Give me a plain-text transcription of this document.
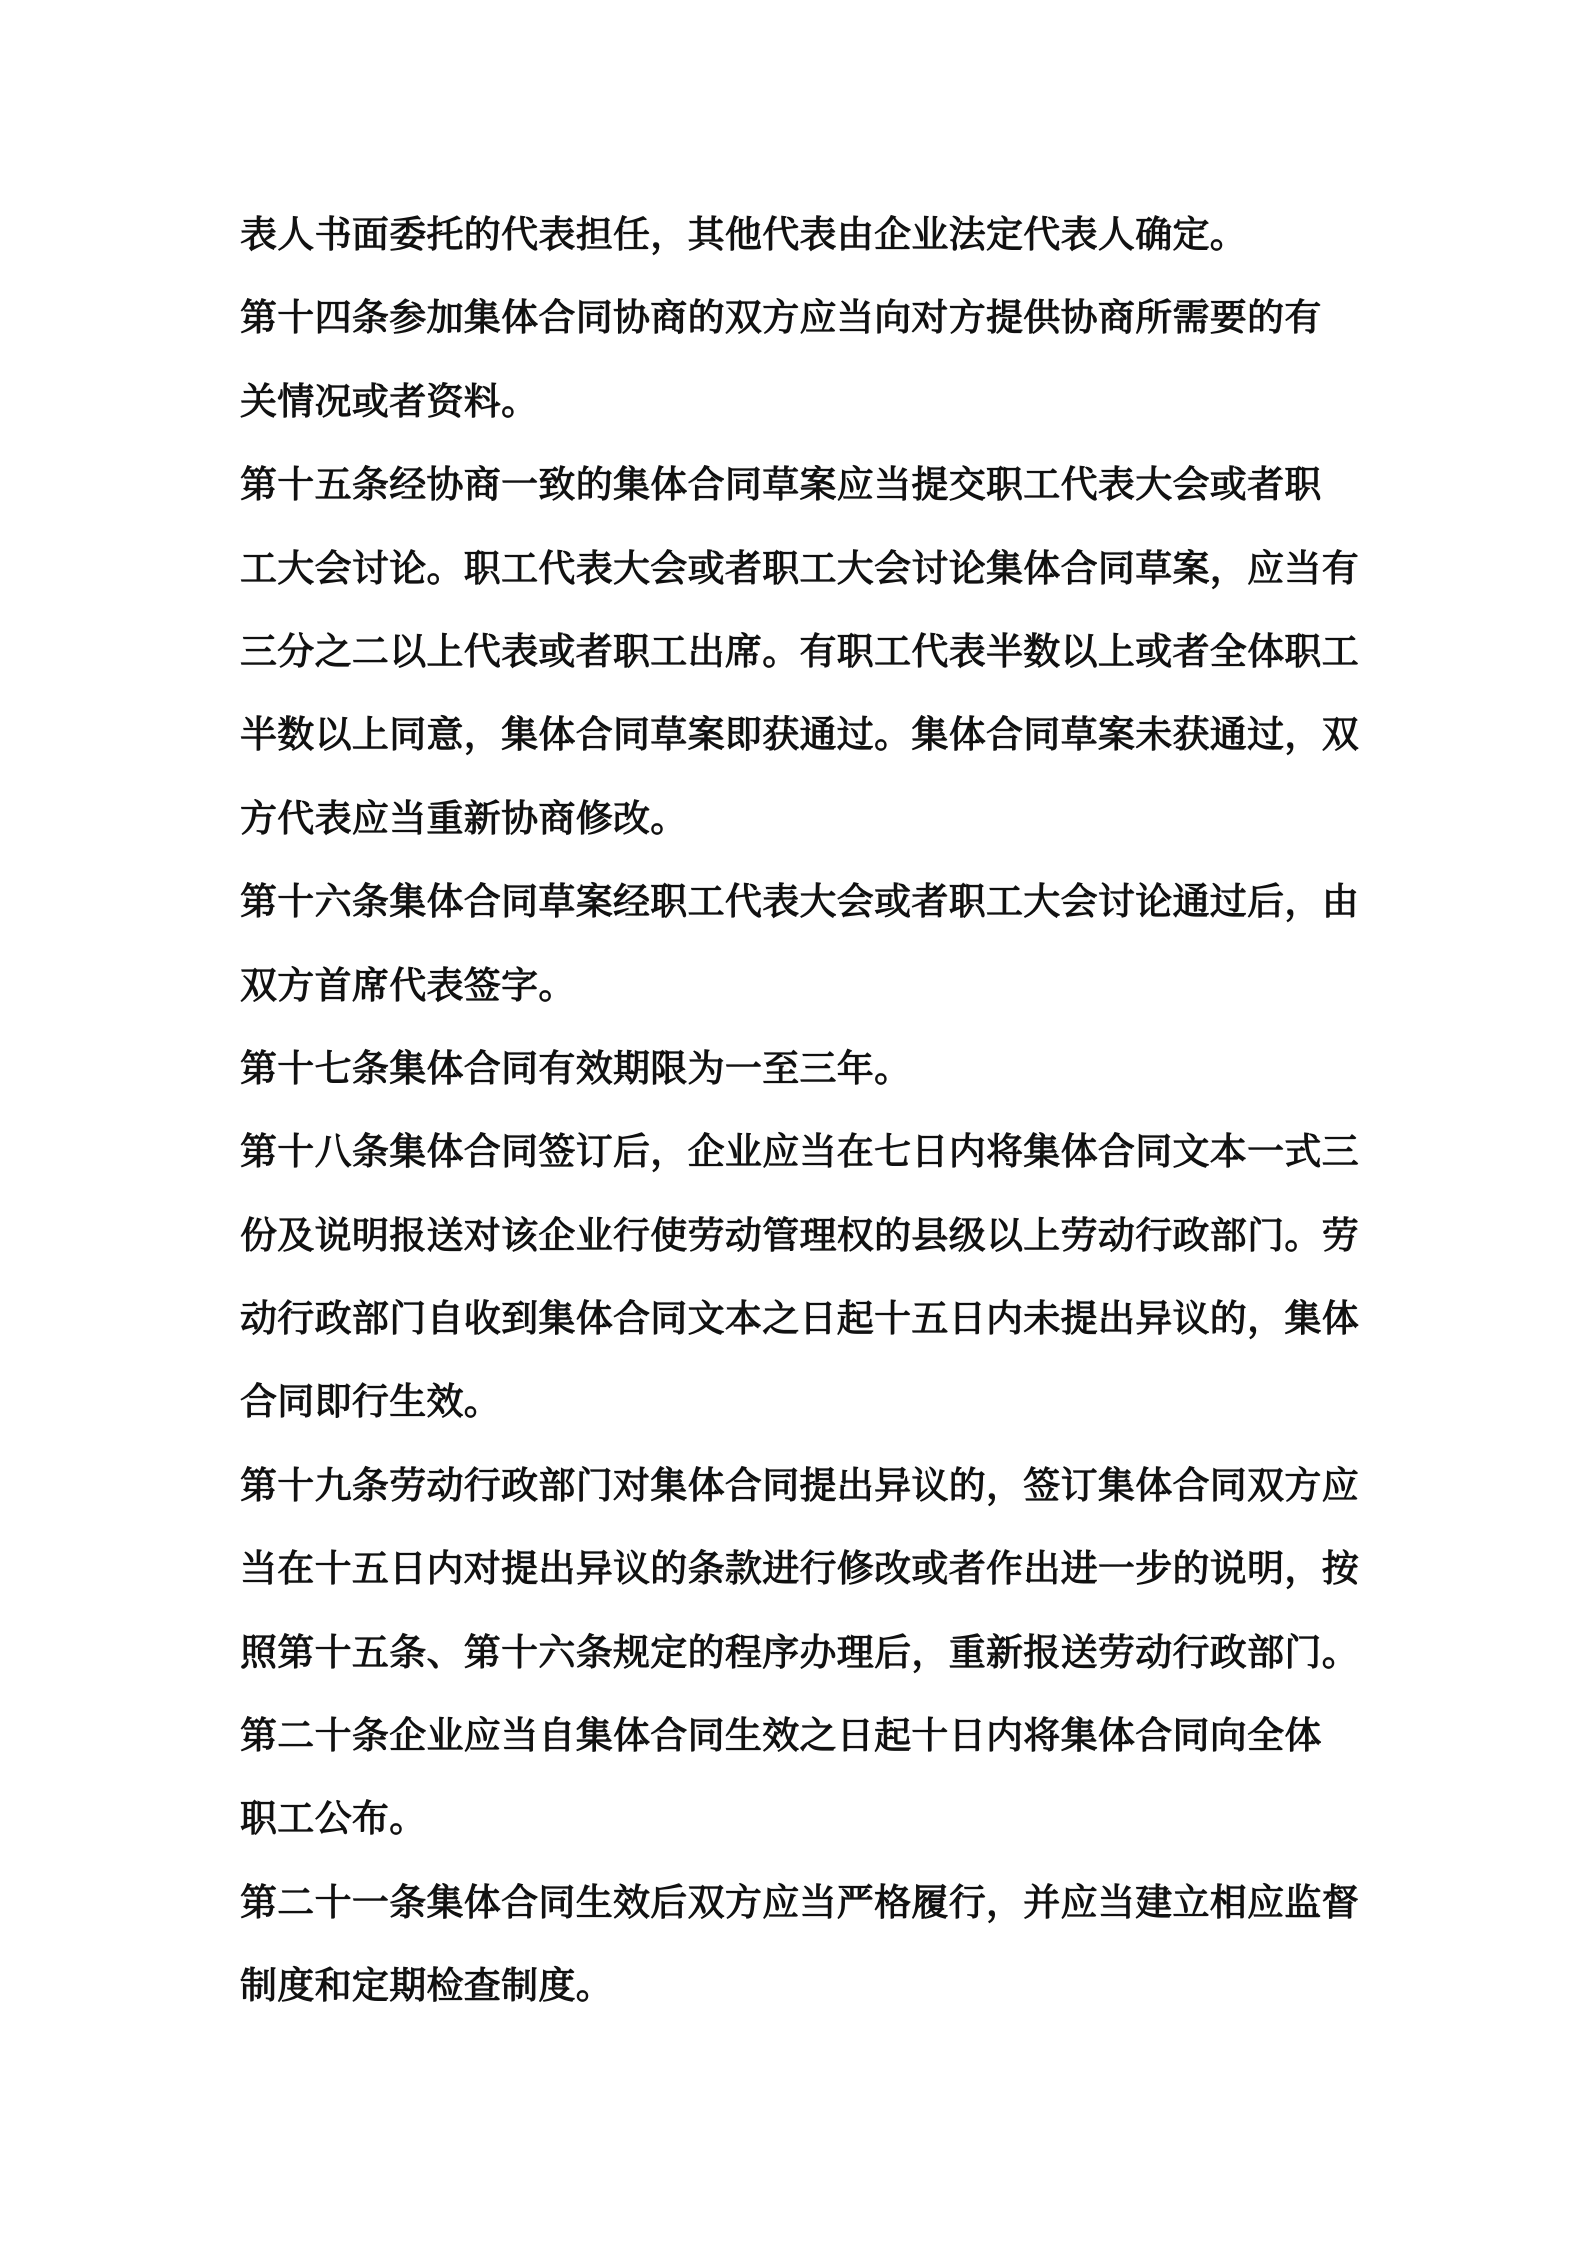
表人书面委托的代表担任，其他代表由企业法定代表人确定。
第十四条参加集体合同协商的双方应当向对方提供协商所需要的有
关情况或者资料。
第十五条经协商一致的集体合同草案应当提交职工代表大会或者职
工大会讨论。职工代表大会或者职工大会讨论集体合同草案，应当有
三分之二以上代表或者职工出席。有职工代表半数以上或者全体职工
半数以上同意，集体合同草案即获通过。集体合同草案未获通过，双
方代表应当重新协商修改。
第十六条集体合同草案经职工代表大会或者职工大会讨论通过后，由
双方首席代表签字。
第十七条集体合同有效期限为一至三年。
第十八条集体合同签订后，企业应当在七日内将集体合同文本一式三
份及说明报送对该企业行使劳动管理权的县级以上劳动行政部门。劳
动行政部门自收到集体合同文本之日起十五日内未提出异议的，集体
合同即行生效。
第十九条劳动行政部门对集体合同提出异议的，签订集体合同双方应
当在十五日内对提出异议的条款进行修改或者作出进一步的说明，按
照第十五条、第十六条规定的程序办理后，重新报送劳动行政部门。
第二十条企业应当自集体合同生效之日起十日内将集体合同向全体
职工公布。
第二十一条集体合同生效后双方应当严格履行，并应当建立相应监督
制度和定期检查制度。
